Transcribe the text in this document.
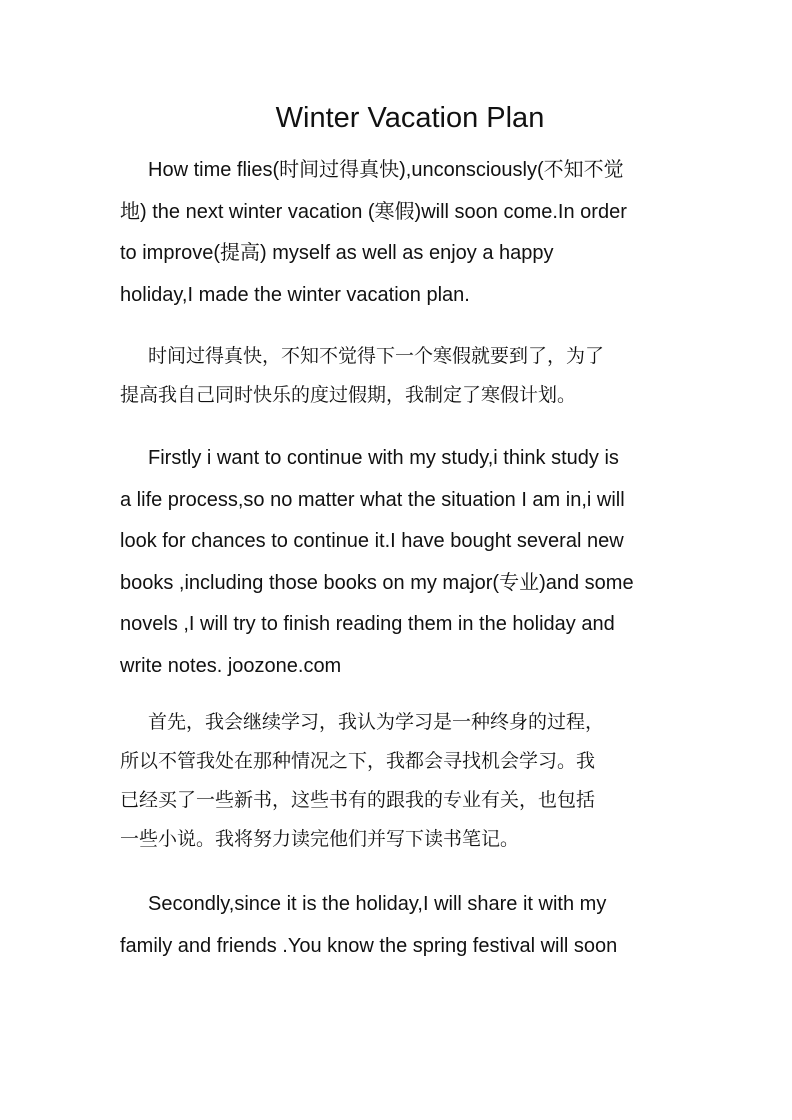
Winter Vacation Plan

How time flies(时间过得真快),unconsciously(不知不觉
地) the next winter vacation (寒假)will soon come.In order
to improve(提高) myself as well as enjoy a happy
holiday,I made the winter vacation plan.

时间过得真快，不知不觉得下一个寒假就要到了，为了
提高我自己同时快乐的度过假期，我制定了寒假计划。

Firstly i want to continue with my study,i think study is
a life process,so no matter what the situation I am in,i will
look for chances to continue it.I have bought several new
books ,including those books on my major(专业)and some
novels ,I will try to finish reading them in the holiday and
write notes. joozone.com

首先，我会继续学习，我认为学习是一种终身的过程，
所以不管我处在那种情况之下，我都会寻找机会学习。我
已经买了一些新书，这些书有的跟我的专业有关，也包括
一些小说。我将努力读完他们并写下读书笔记。

Secondly,since it is the holiday,I will share it with my
family and friends .You know the spring festival will soon
